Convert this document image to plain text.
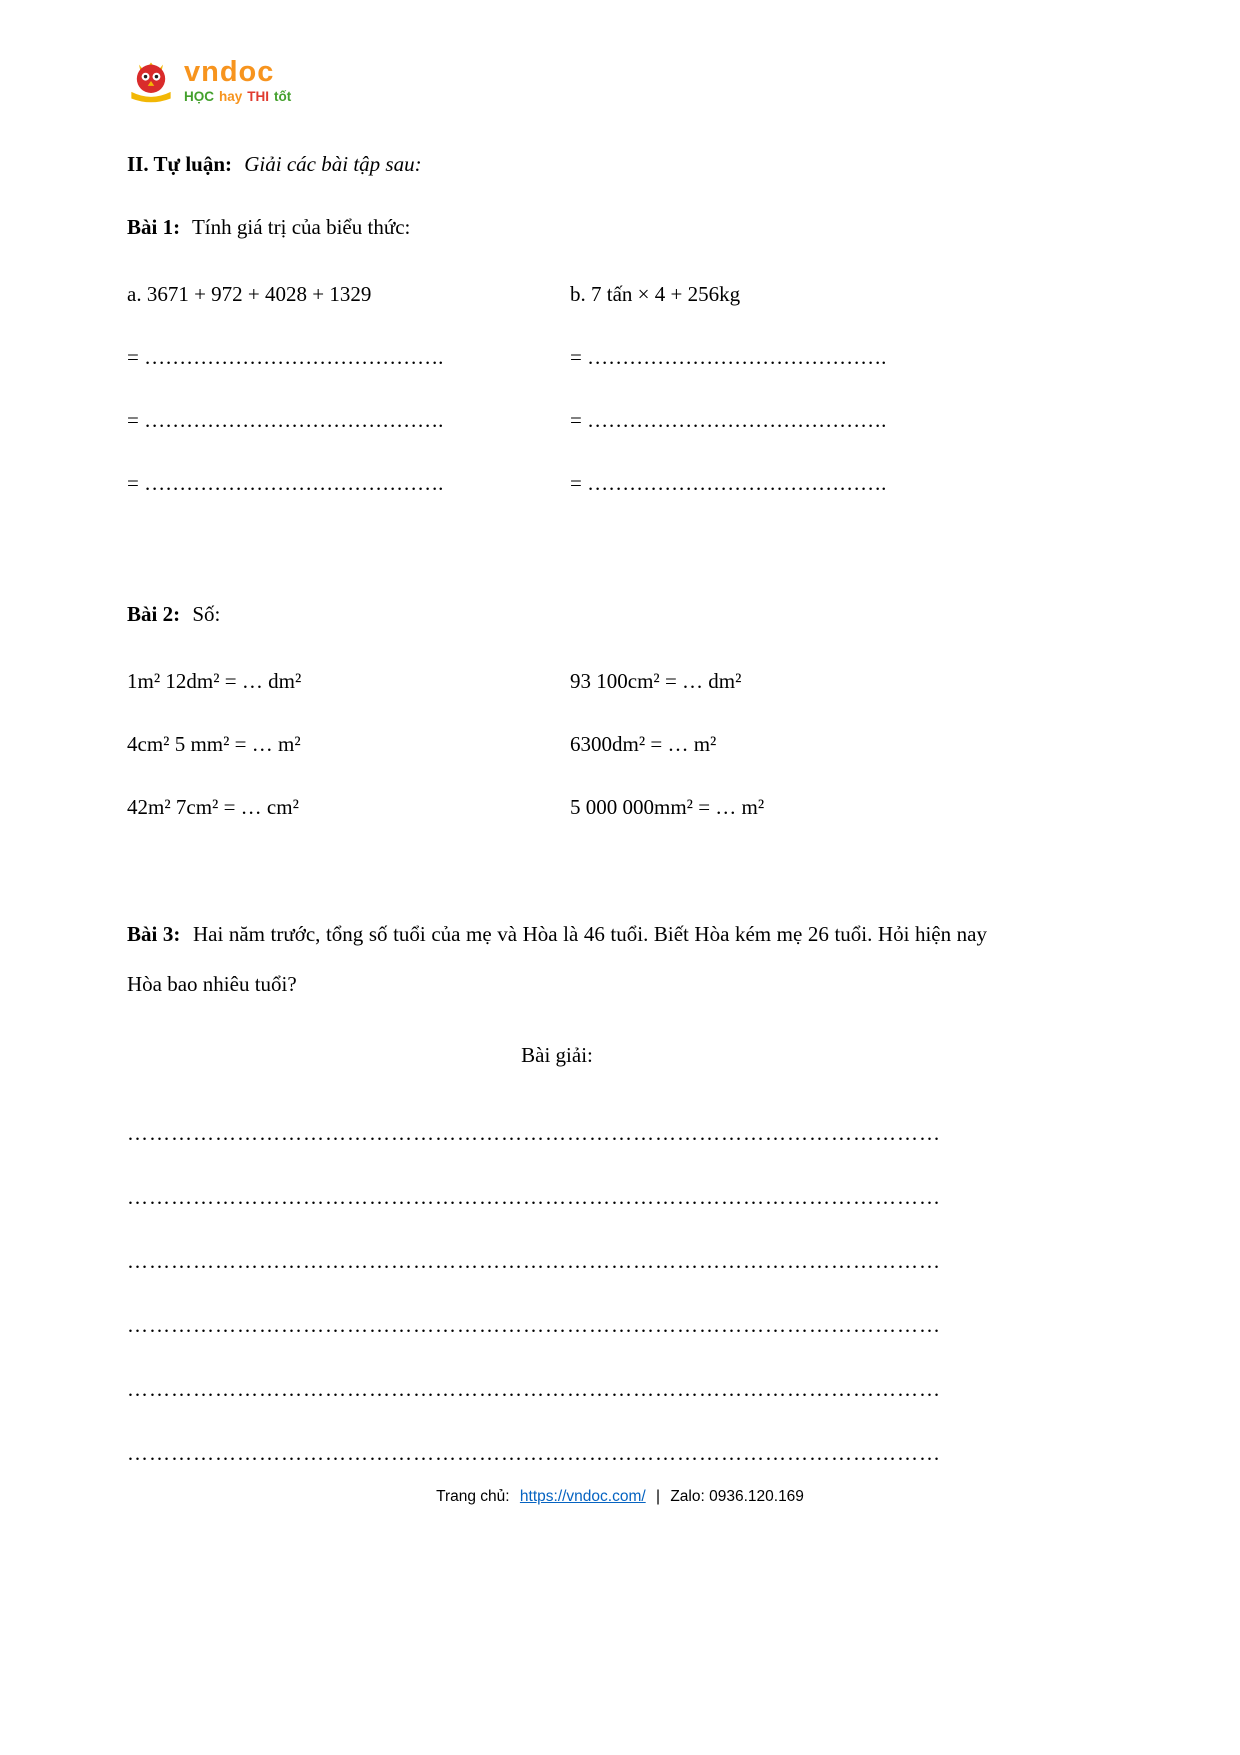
vndoc
HỌC hay THI tốt

II. Tự luận: Giải các bài tập sau:

Bài 1: Tính giá trị của biểu thức:

a. 3671 + 972 + 4028 + 1329
= …………………………………….
= …………………………………….
= …………………………………….
b. 7 tấn × 4 + 256kg
= …………………………………….
= …………………………………….
= …………………………………….

Bài 2: Số:

1m² 12dm² = … dm²
4cm² 5 mm² = … m²
42m² 7cm² = … cm²
93 100cm² = … dm²
6300dm² = … m²
5 000 000mm² = … m²

Bài 3: Hai năm trước, tổng số tuổi của mẹ và Hòa là 46 tuổi. Biết Hòa kém mẹ 26 tuổi. Hỏi hiện nay Hòa bao nhiêu tuổi?

Bài giải:

…………………………………………………………………………………………………
…………………………………………………………………………………………………
…………………………………………………………………………………………………
…………………………………………………………………………………………………
…………………………………………………………………………………………………
…………………………………………………………………………………………………
Trang chủ: https://vndoc.com/ | Zalo: 0936.120.169
